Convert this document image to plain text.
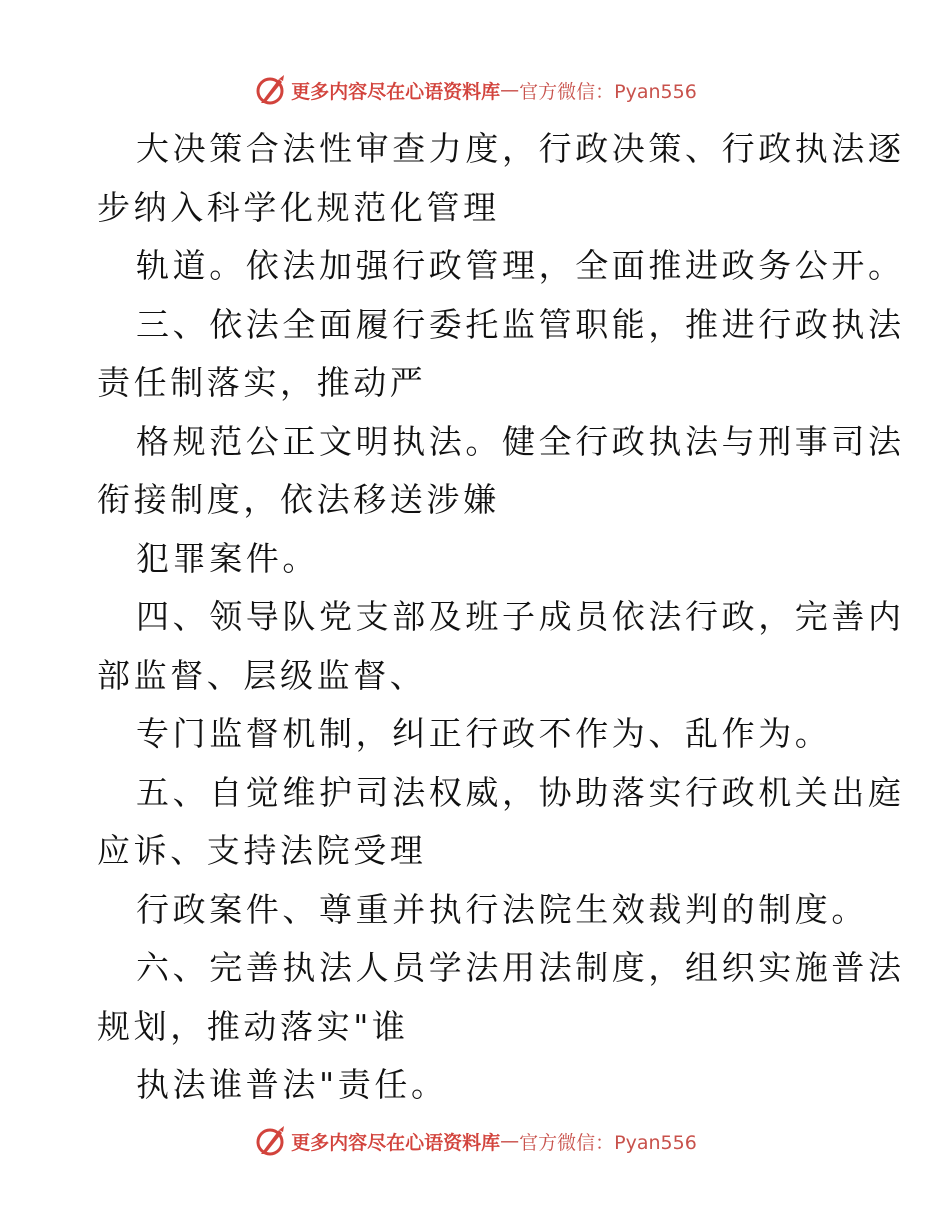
更多内容尽在心语资料库 — 官方微信：Pyan556
大决策合法性审查力度，行政决策、行政执法逐
步纳入科学化规范化管理
轨道。依法加强行政管理，全面推进政务公开。
三、依法全面履行委托监管职能，推进行政执法
责任制落实，推动严
格规范公正文明执法。健全行政执法与刑事司法
衔接制度，依法移送涉嫌
犯罪案件。
四、领导队党支部及班子成员依法行政，完善内
部监督、层级监督、
专门监督机制，纠正行政不作为、乱作为。
五、自觉维护司法权威，协助落实行政机关出庭
应诉、支持法院受理
行政案件、尊重并执行法院生效裁判的制度。
六、完善执法人员学法用法制度，组织实施普法
规划，推动落实"谁
执法谁普法"责任。
更多内容尽在心语资料库 — 官方微信：Pyan556
